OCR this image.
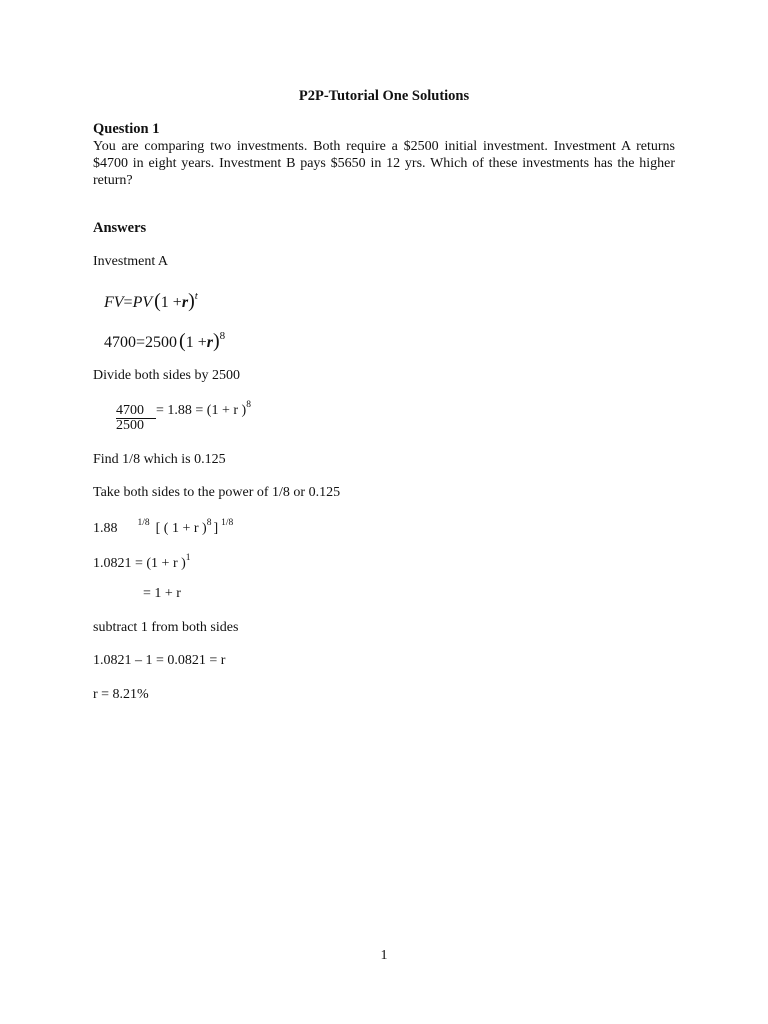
P2P-Tutorial One Solutions
Question 1
You are comparing two investments. Both require a $2500 initial investment. Investment A returns $4700 in eight years. Investment B pays $5650 in 12 yrs. Which of these investments has the higher return?
Answers
Investment A
FV=PV $(1 +r)^t$
4700=2500 $(1 +r)^8$
Divide both sides by 2500
4700 = 1.88 = (1 + r )$^8$
2500
Find 1/8 which is 0.125
Take both sides to the power of 1/8 or 0.125
1.88 $^{1/8}$ [ ( 1 + r )$^8$ ] $^{1/8}$
1.0821 = (1 + r )$^1$
= 1 + r
subtract 1 from both sides
1.0821 – 1 = 0.0821 = r
r = 8.21%
1
